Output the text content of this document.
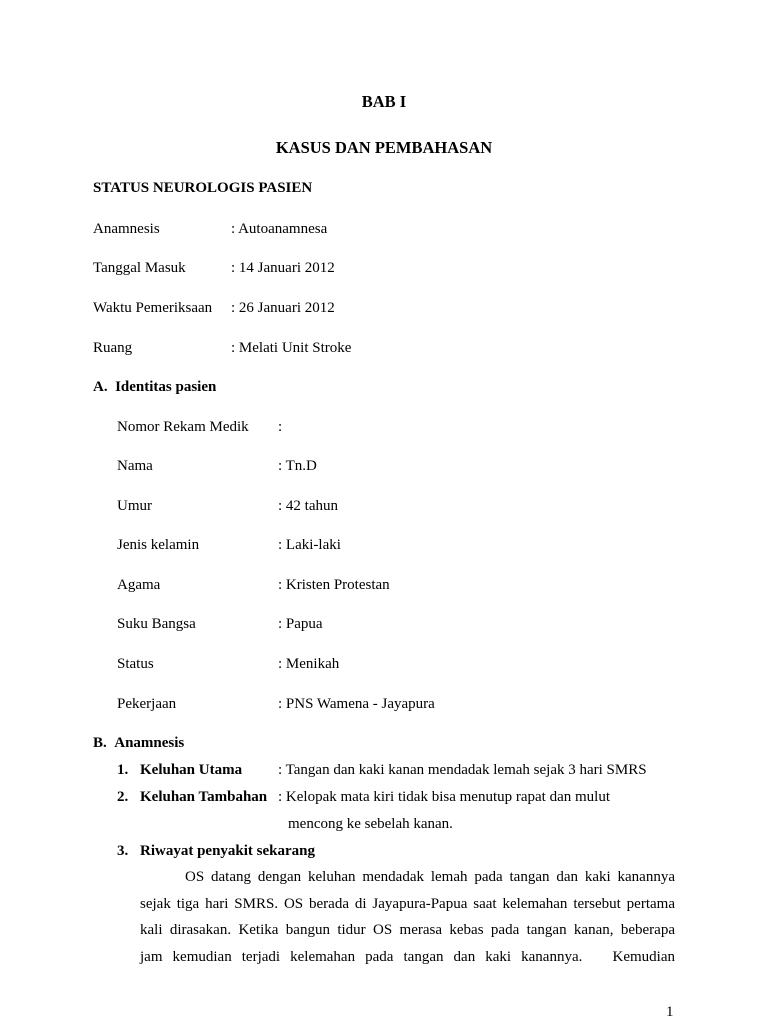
BAB I
KASUS DAN PEMBAHASAN
STATUS NEUROLOGIS PASIEN
Anamnesis	: Autoanamnesa
Tanggal Masuk	: 14 Januari 2012
Waktu Pemeriksaan : 26 Januari 2012
Ruang	: Melati Unit Stroke
A.  Identitas pasien
Nomor Rekam Medik :
Nama	: Tn.D
Umur	: 42 tahun
Jenis kelamin	: Laki-laki
Agama	: Kristen Protestan
Suku Bangsa	: Papua
Status	: Menikah
Pekerjaan	: PNS Wamena - Jayapura
B.  Anamnesis
1. Keluhan Utama : Tangan dan kaki kanan mendadak lemah sejak 3 hari SMRS
2. Keluhan Tambahan : Kelopak mata kiri tidak bisa menutup rapat dan mulut
mencong ke sebelah kanan.
3. Riwayat penyakit sekarang
OS datang dengan keluhan mendadak lemah pada tangan dan kaki kanannya
sejak tiga hari SMRS. OS berada di Jayapura-Papua saat kelemahan tersebut pertama
kali dirasakan. Ketika bangun tidur OS merasa kebas pada tangan kanan, beberapa
jam kemudian terjadi kelemahan pada tangan dan kaki kanannya.   Kemudian
1
